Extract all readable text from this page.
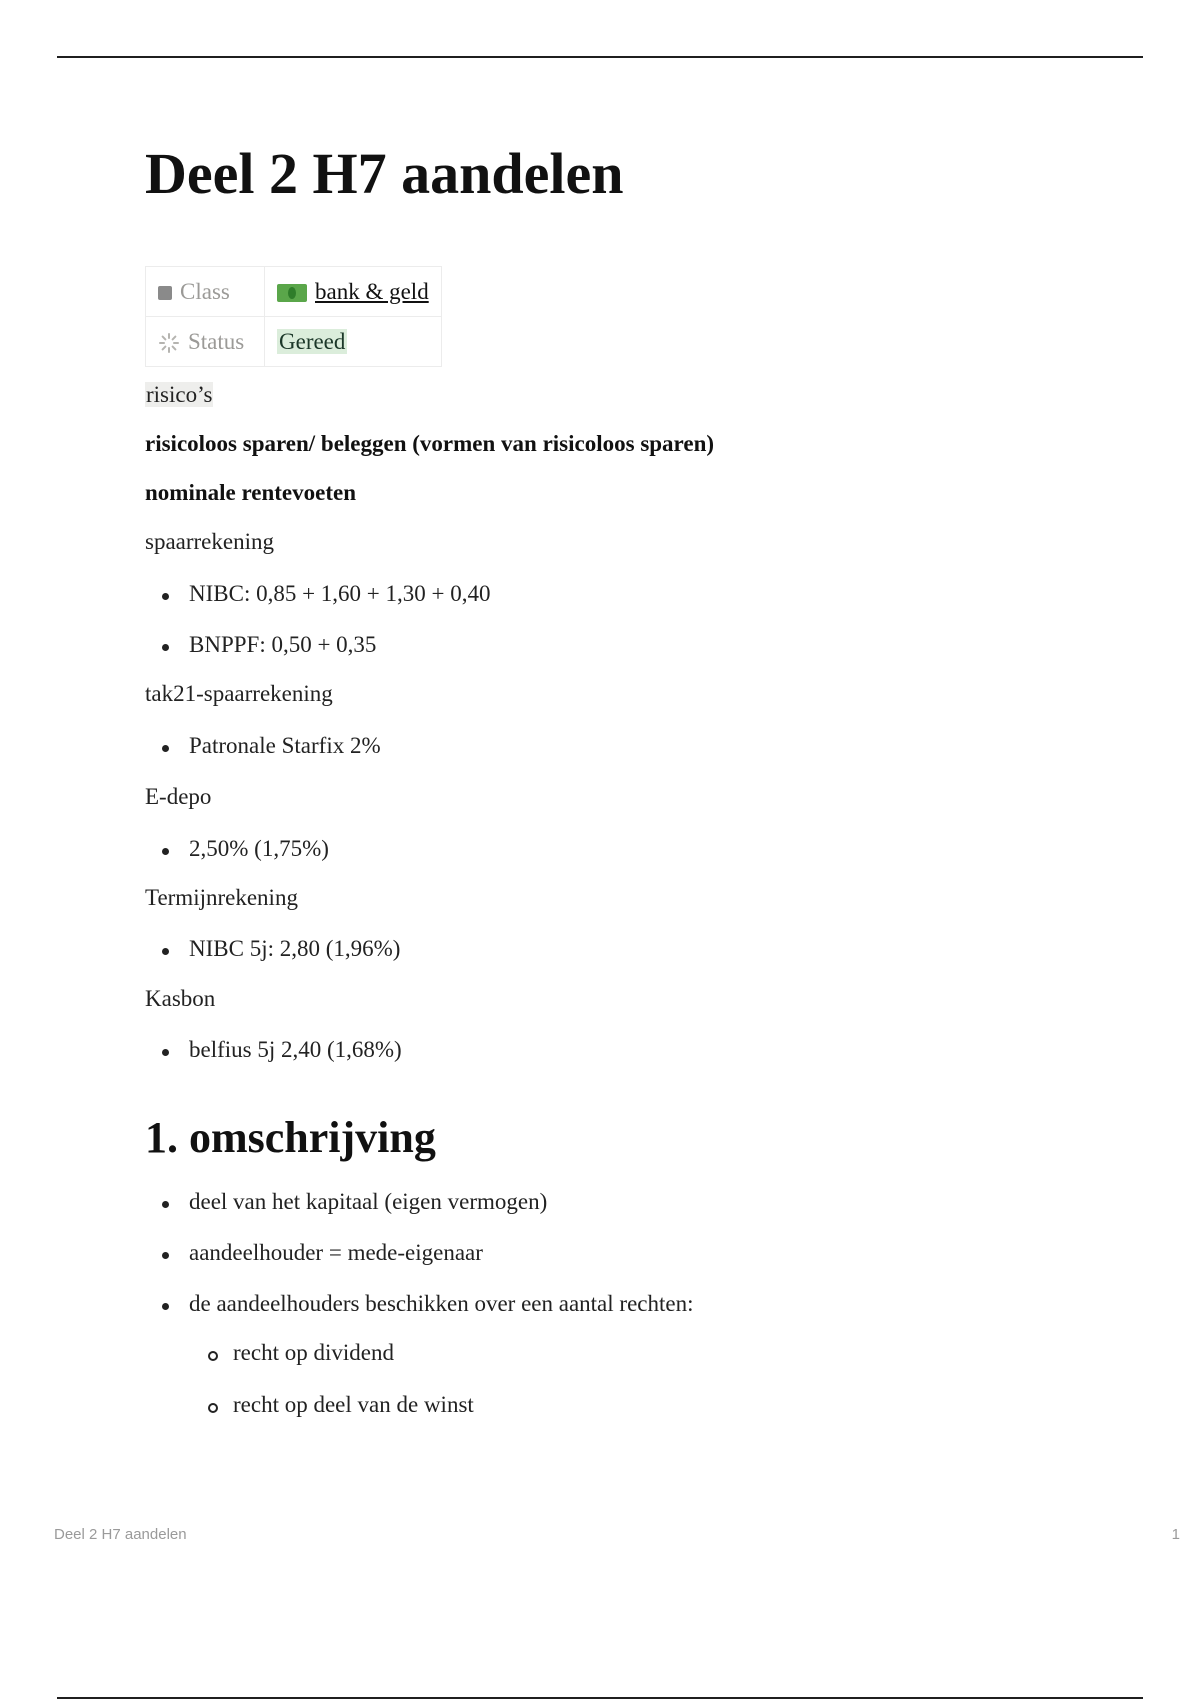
Deel 2 H7 aandelen
Class	bank & geld
Status	Gereed
risico’s
risicoloos sparen/ beleggen (vormen van risicoloos sparen)
nominale rentevoeten
spaarrekening
NIBC: 0,85 + 1,60 + 1,30 + 0,40
BNPPF: 0,50 + 0,35
tak21-spaarrekening
Patronale Starfix 2%
E-depo
2,50% (1,75%)
Termijnrekening
NIBC 5j: 2,80 (1,96%)
Kasbon
belfius 5j 2,40 (1,68%)
1. omschrijving
deel van het kapitaal (eigen vermogen)
aandeelhouder = mede-eigenaar
de aandeelhouders beschikken over een aantal rechten:
recht op dividend
recht op deel van de winst
Deel 2 H7 aandelen	1
